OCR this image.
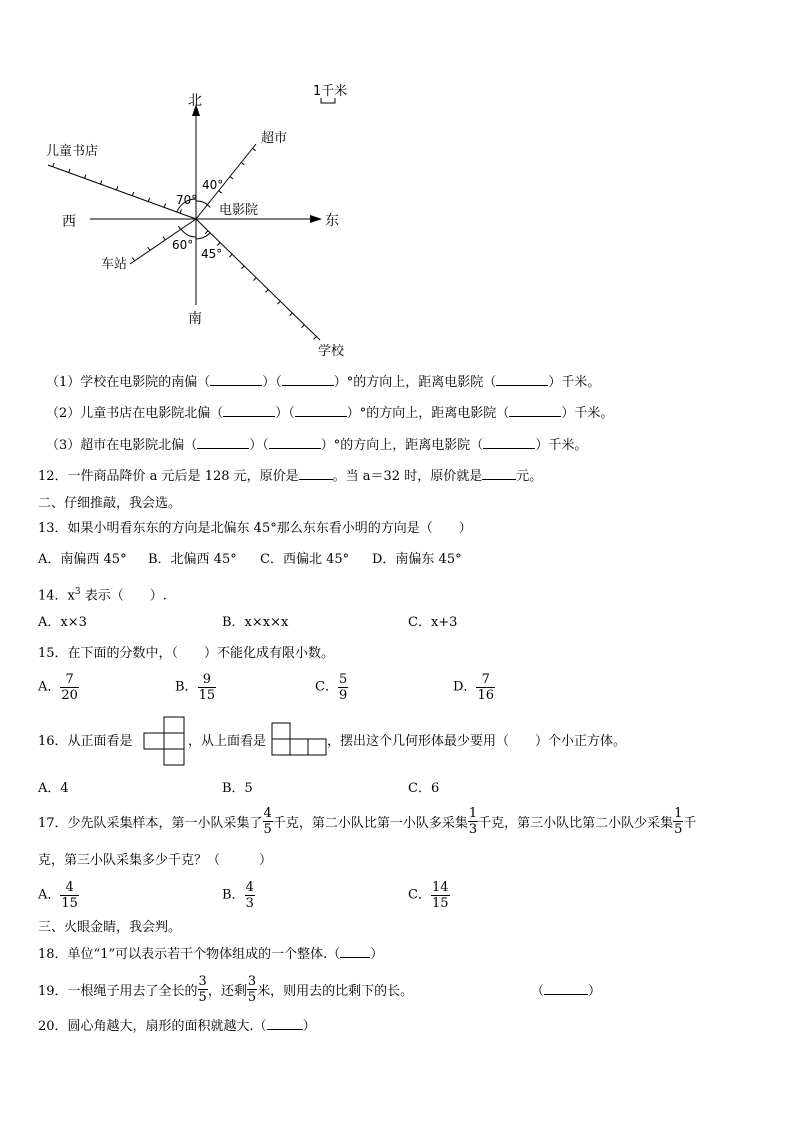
1千米
北
南
东
西
电影院
70°
40°
60°
45°
儿童书店
超市
车站
学校
（1）学校在电影院的南偏（	）（	）°的方向上，距离电影院（	）千米。
（2）儿童书店在电影院北偏（	）（	）°的方向上，距离电影院（	）千米。
（3）超市在电影院北偏（	）（	）°的方向上，距离电影院（	）千米。
12．一件商品降价 a 元后是 128 元，原价是	。当 a＝32 时，原价就是	元。
二、仔细推敲，我会选。
13．如果小明看东东的方向是北偏东 45°那么东东看小明的方向是（　　）
A．南偏西 45° B．北偏西 45° C．西偏北 45° D．南偏东 45°
14．$x^3$ 表示（　　）.
A．x×3	B．x×x×x	C．x+3
15．在下面的分数中，（　　）不能化成有限小数。
A． $\frac{7}{20}$	B． $\frac{9}{15}$	C． $\frac{5}{9}$	D． $\frac{7}{16}$
16．从正面看是	，从上面看是	，摆出这个几何形体最少要用（　　）个小正方体。
A．4	B．5	C．6
17．少先队采集样本，第一小队采集了 $\frac{4}{5}$ 千克，第二小队比第一小队多采集 $\frac{1}{3}$ 千克，第三小队比第二小队少采集 $\frac{1}{5}$ 千
克，第三小队采集多少千克？（　　　）
A． $\frac{4}{15}$	B． $\frac{4}{3}$	C． $\frac{14}{15}$
三、火眼金睛，我会判。
18．单位“1”可以表示若干个物体组成的一个整体.（ ）
19．一根绳子用去了全长的 $\frac{3}{5}$ ，还剩 $\frac{3}{5}$ 米，则用去的比剩下的长。	（	）
20．圆心角越大，扇形的面积就越大.（	）
